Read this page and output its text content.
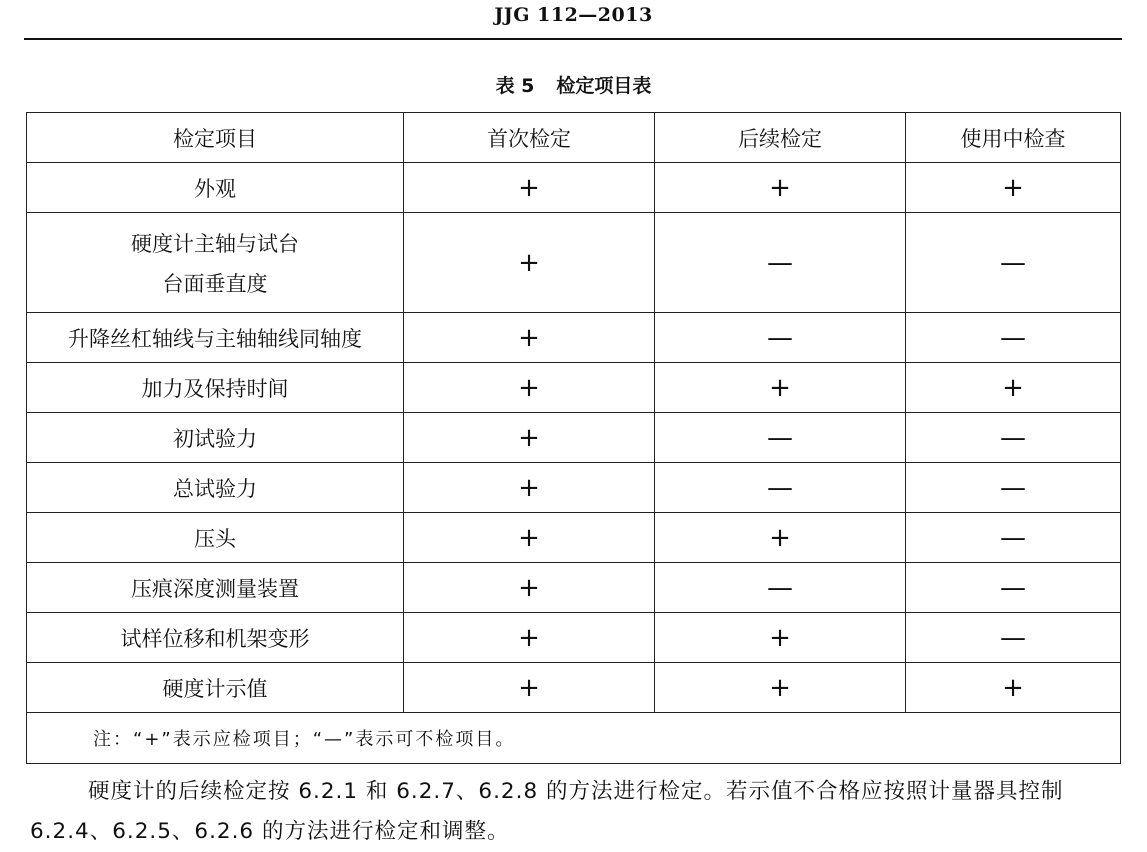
JJG 112—2013
表 5 检定项目表
检定项目	首次检定	后续检定	使用中检查
外观	+	+	+
硬度计主轴与试台
台面垂直度	+	—	—
升降丝杠轴线与主轴轴线同轴度	+	—	—
加力及保持时间	+	+	+
初试验力	+	—	—
总试验力	+	—	—
压头	+	+	—
压痕深度测量装置	+	—	—
试样位移和机架变形	+	+	—
硬度计示值	+	+	+
注：“+”表示应检项目；“—”表示可不检项目。			

硬度计的后续检定按 6.2.1 和 6.2.7、6.2.8 的方法进行检定。若示值不合格应按照计量器具控制 6.2.4、6.2.5、6.2.6 的方法进行检定和调整。
